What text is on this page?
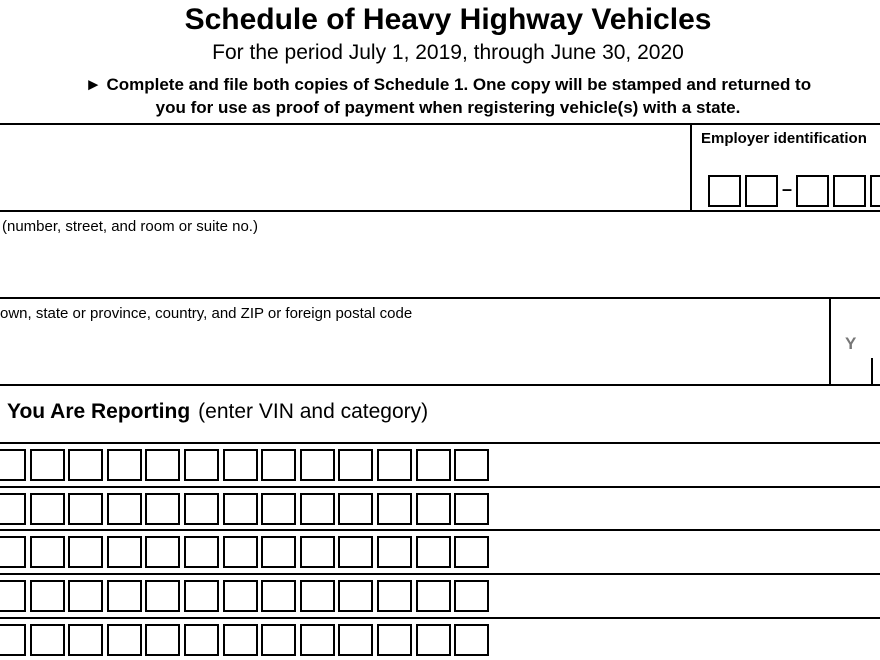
Schedule of Heavy Highway Vehicles
For the period July 1, 2019, through June 30, 2020
► Complete and file both copies of Schedule 1. One copy will be stamped and returned to
you for use as proof of payment when registering vehicle(s) with a state.
Employer identification
–
(number, street, and room or suite no.)
own, state or province, country, and ZIP or foreign postal code
Y
You Are Reporting (enter VIN and category)
